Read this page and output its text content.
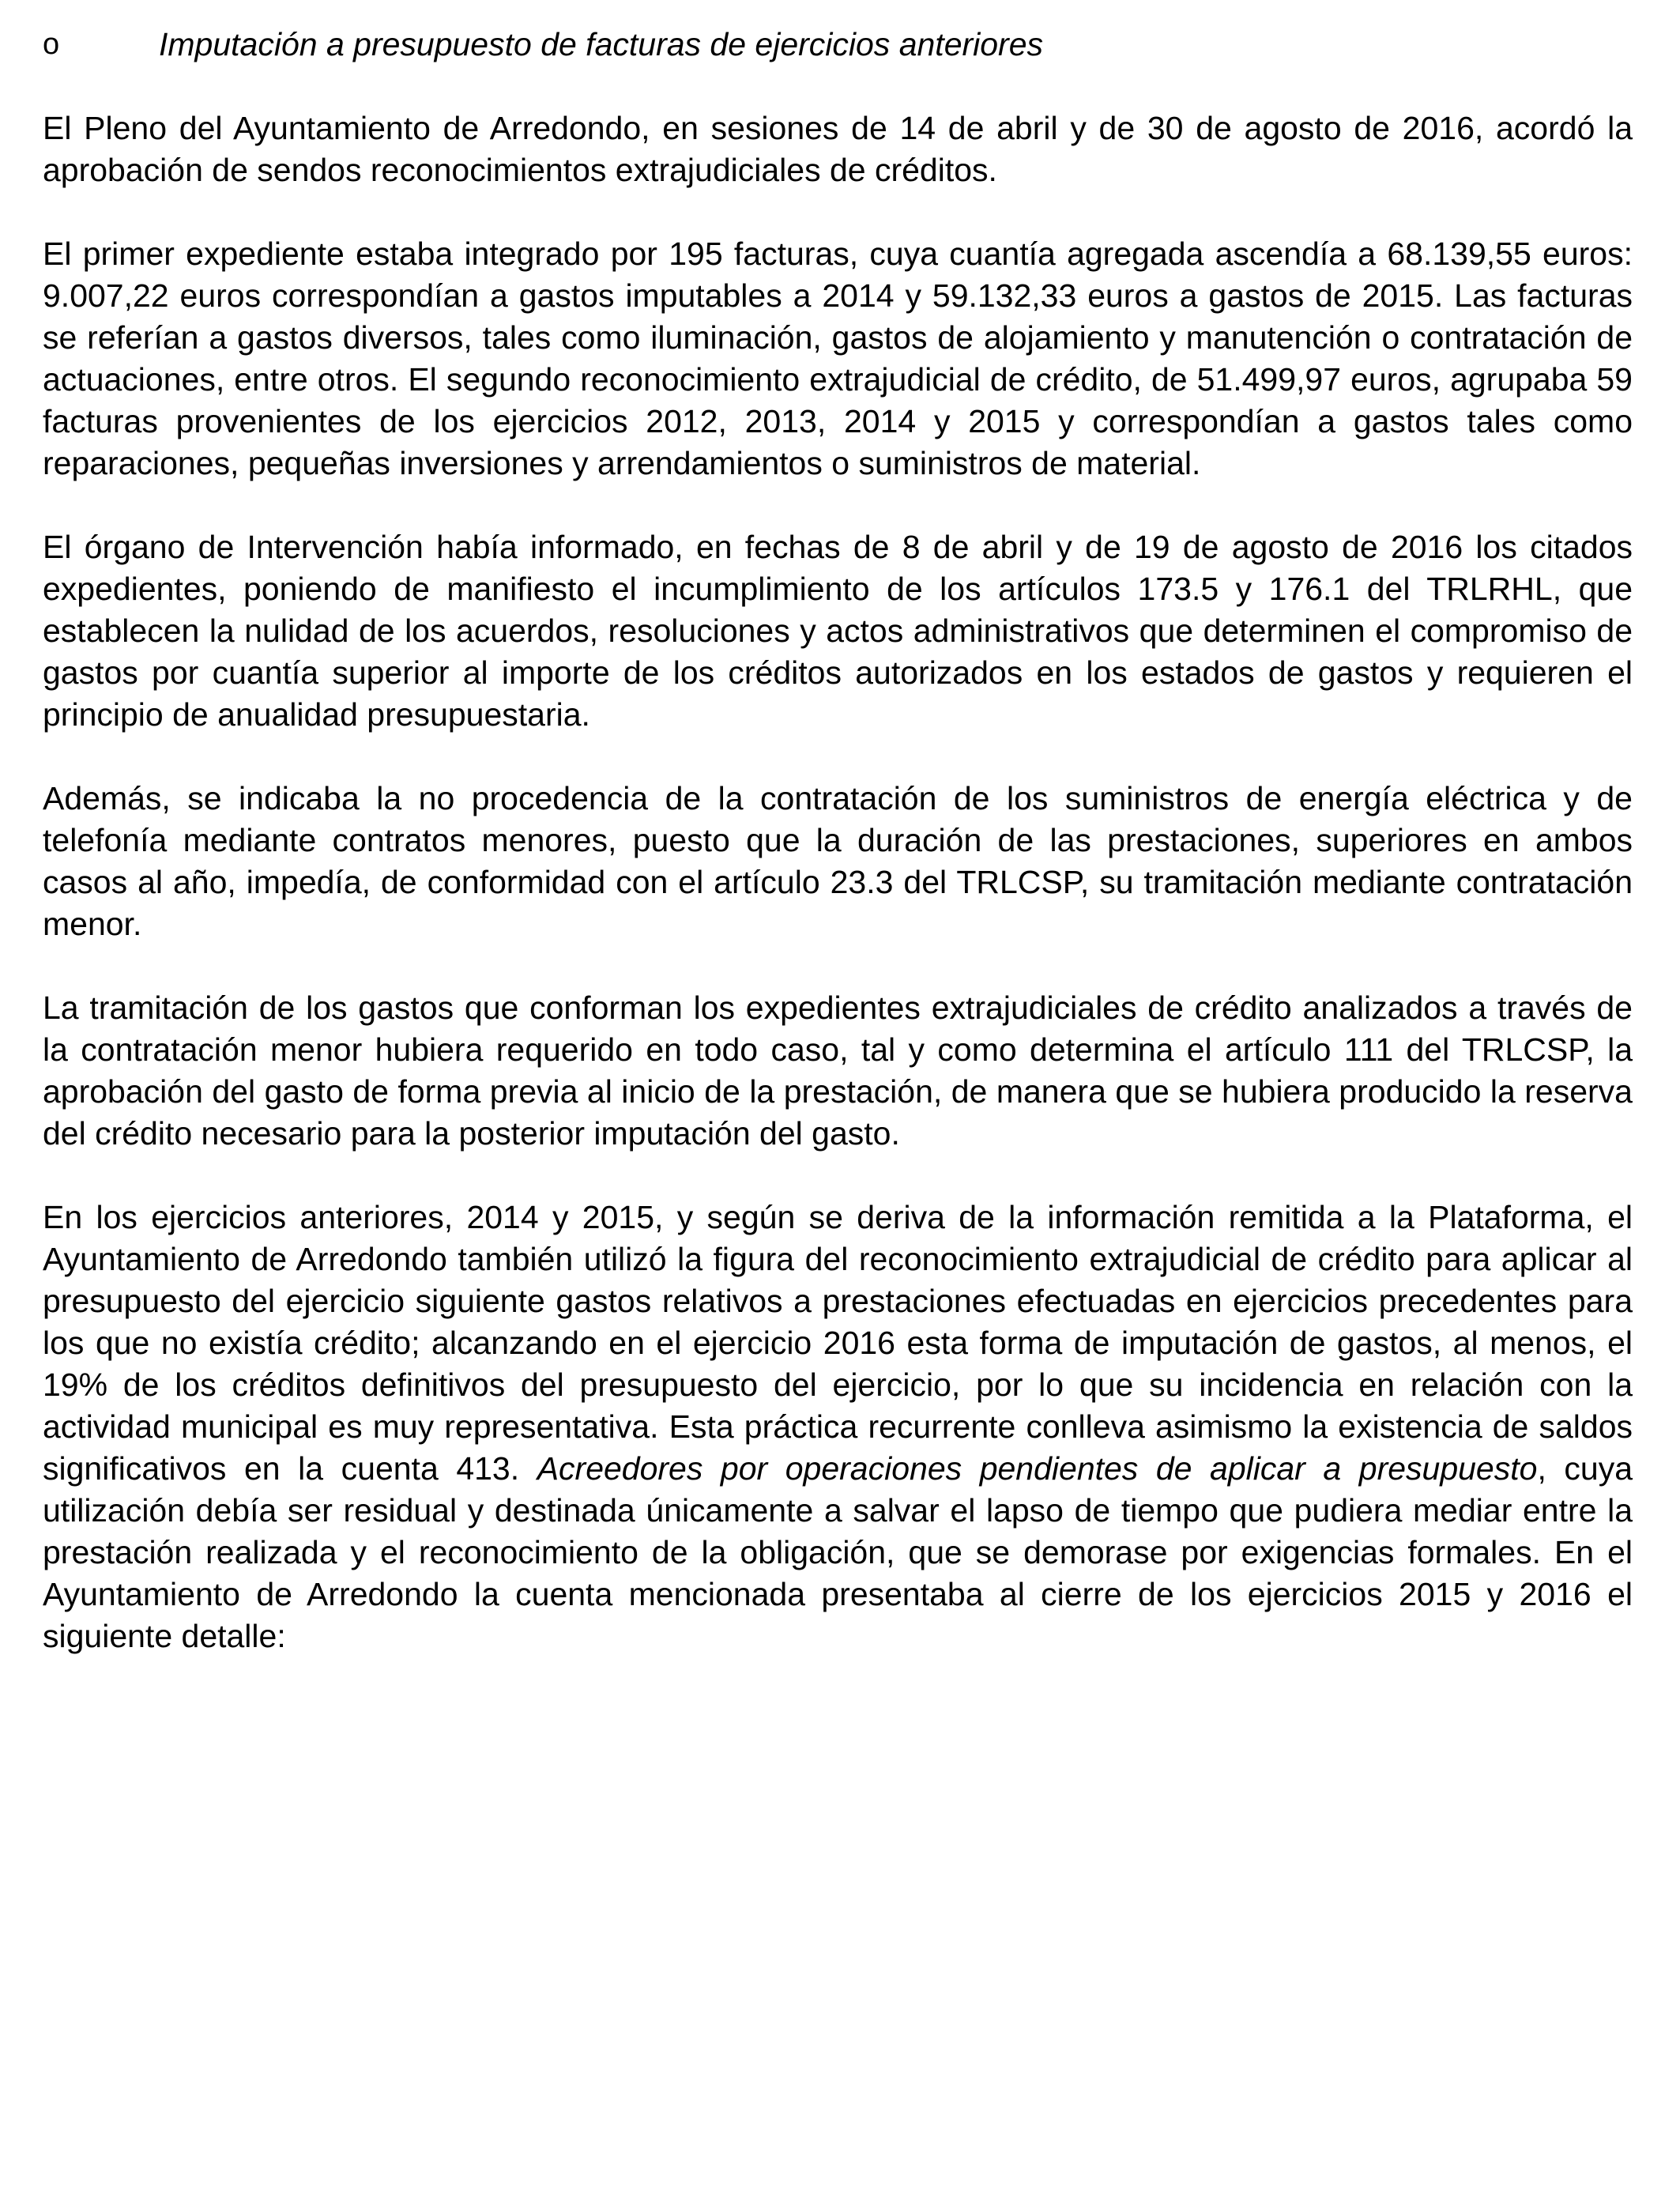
o	Imputación a presupuesto de facturas de ejercicios anteriores

El Pleno del Ayuntamiento de Arredondo, en sesiones de 14 de abril y de 30 de agosto de 2016, acordó la aprobación de sendos reconocimientos extrajudiciales de créditos.

El primer expediente estaba integrado por 195 facturas, cuya cuantía agregada ascendía a 68.139,55 euros: 9.007,22 euros correspondían a gastos imputables a 2014 y 59.132,33 euros a gastos de 2015. Las facturas se referían a gastos diversos, tales como iluminación, gastos de alojamiento y manutención o contratación de actuaciones, entre otros. El segundo reconocimiento extrajudicial de crédito, de 51.499,97 euros, agrupaba 59 facturas provenientes de los ejercicios 2012, 2013, 2014 y 2015 y correspondían a gastos tales como reparaciones, pequeñas inversiones y arrendamientos o suministros de material.

El órgano de Intervención había informado, en fechas de 8 de abril y de 19 de agosto de 2016 los citados expedientes, poniendo de manifiesto el incumplimiento de los artículos 173.5 y 176.1 del TRLRHL, que establecen la nulidad de los acuerdos, resoluciones y actos administrativos que determinen el compromiso de gastos por cuantía superior al importe de los créditos autorizados en los estados de gastos y requieren el principio de anualidad presupuestaria.

Además, se indicaba la no procedencia de la contratación de los suministros de energía eléctrica y de telefonía mediante contratos menores, puesto que la duración de las prestaciones, superiores en ambos casos al año, impedía, de conformidad con el artículo 23.3 del TRLCSP, su tramitación mediante contratación menor.

La tramitación de los gastos que conforman los expedientes extrajudiciales de crédito analizados a través de la contratación menor hubiera requerido en todo caso, tal y como determina el artículo 111 del TRLCSP, la aprobación del gasto de forma previa al inicio de la prestación, de manera que se hubiera producido la reserva del crédito necesario para la posterior imputación del gasto.

En los ejercicios anteriores, 2014 y 2015, y según se deriva de la información remitida a la Plataforma, el Ayuntamiento de Arredondo también utilizó la figura del reconocimiento extrajudicial de crédito para aplicar al presupuesto del ejercicio siguiente gastos relativos a prestaciones efectuadas en ejercicios precedentes para los que no existía crédito; alcanzando en el ejercicio 2016 esta forma de imputación de gastos, al menos, el 19% de los créditos definitivos del presupuesto del ejercicio, por lo que su incidencia en relación con la actividad municipal es muy representativa. Esta práctica recurrente conlleva asimismo la existencia de saldos significativos en la cuenta 413. Acreedores por operaciones pendientes de aplicar a presupuesto, cuya utilización debía ser residual y destinada únicamente a salvar el lapso de tiempo que pudiera mediar entre la prestación realizada y el reconocimiento de la obligación, que se demorase por exigencias formales. En el Ayuntamiento de Arredondo la cuenta mencionada presentaba al cierre de los ejercicios 2015 y 2016 el siguiente detalle:
